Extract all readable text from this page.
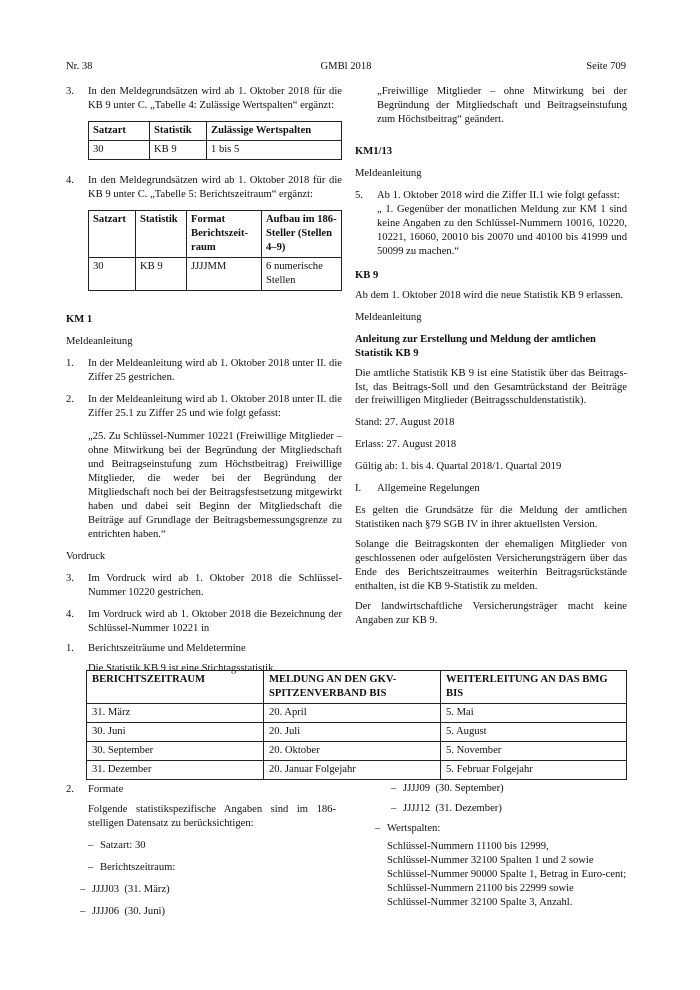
Nr. 38	GMBl 2018	Seite 709
3.	In den Meldegrundsätzen wird ab 1. Oktober 2018 für die KB 9 unter C. „Tabelle 4: Zulässige Wertspalten“ ergänzt:
Satzart	Statistik	Zulässige Wertspalten
30	KB 9	1 bis 5
4.	In den Meldegrundsätzen wird ab 1. Oktober 2018 für die KB 9 unter C. „Tabelle 5: Berichtszeitraum“ ergänzt:
Satzart	Statistik	Format Berichtszeit-raum	Aufbau im 186-Steller (Stellen 4–9)
30	KB 9	JJJJMM	6 numerische Stellen

KM 1

Meldeanleitung

1.	In der Meldeanleitung wird ab 1. Oktober 2018 unter II. die Ziffer 25 gestrichen.
2.	In der Meldeanleitung wird ab 1. Oktober 2018 unter II. die Ziffer 25.1 zu Ziffer 25 und wie folgt gefasst:

„25. Zu Schlüssel-Nummer 10221 (Freiwillige Mitglieder – ohne Mitwirkung bei der Begründung der Mitgliedschaft und Beitragseinstufung zum Höchstbeitrag) Freiwillige Mitglieder, die weder bei der Begründung der Mitgliedschaft noch bei der Beitragsfestsetzung mitgewirkt haben und dabei seit Beginn der Mitgliedschaft die Beiträge auf Grundlage der Beitragsbemessungsgrenze zu entrichten haben.“

Vordruck

3.	Im Vordruck wird ab 1. Oktober 2018 die Schlüssel-Nummer 10220 gestrichen.
4.	Im Vordruck wird ab 1. Oktober 2018 die Bezeichnung der Schlüssel-Nummer 10221 in
1.	Berichtszeiträume und Meldetermine

Die Statistik KB 9 ist eine Stichtagsstatistik.

„Freiwillige Mitglieder – ohne Mitwirkung bei der Begründung der Mitgliedschaft und Beitragseinstufung zum Höchstbeitrag“ geändert.

KM1/13

Meldeanleitung

5.	Ab 1. Oktober 2018 wird die Ziffer II.1 wie folgt gefasst:

„ 1. Gegenüber der monatlichen Meldung zur KM 1 sind keine Angaben zu den Schlüssel-Nummern 10016, 10220, 10221, 16060, 20010 bis 20070 und 40100 bis 41999 und 50099 zu machen.“

KB 9

Ab dem 1. Oktober 2018 wird die neue Statistik KB 9 erlassen.

Meldeanleitung

Anleitung zur Erstellung und Meldung der amtlichen Statistik KB 9

Die amtliche Statistik KB 9 ist eine Statistik über das Beitrags-Ist, das Beitrags-Soll und den Gesamtrückstand der Beiträge der freiwilligen Mitglieder (Beitragsschuldenstatistik).

Stand: 27. August 2018

Erlass: 27. August 2018

Gültig ab: 1. bis 4. Quartal 2018/1. Quartal 2019

I.	Allgemeine Regelungen

Es gelten die Grundsätze für die Meldung der amtlichen Statistiken nach §79 SGB IV in ihrer aktuellsten Version.

Solange die Beitragskonten der ehemaligen Mitglieder von geschlossenen oder aufgelösten Versicherungsträgern über das Ende des Berichtszeitraumes weiterhin Beitragsrückstände enthalten, ist die KB 9-Statistik zu melden.

Der landwirtschaftliche Versicherungsträger macht keine Angaben zur KB 9.

BERICHTSZEITRAUM	MELDUNG AN DEN GKV-SPITZENVERBAND BIS	WEITERLEITUNG AN DAS BMG BIS
31. März	20. April	5. Mai
30. Juni	20. Juli	5. August
30. September	20. Oktober	5. November
31. Dezember	20. Januar Folgejahr	5. Februar Folgejahr
2.	Formate

Folgende statistikspezifische Angaben sind im 186-stelligen Datensatz zu berücksichtigen:

– Satzart: 30
– Berichtszeitraum:
– JJJJ03  (31. März)
– JJJJ06  (30. Juni)
– JJJJ09  (30. September)
– JJJJ12  (31. Dezember)
– Wertspalten:

Schlüssel-Nummern 11100 bis 12999,

Schlüssel-Nummer 32100 Spalten 1 und 2 sowie

Schlüssel-Nummer 90000 Spalte 1, Betrag in Euro-cent;

Schlüssel-Nummern 21100 bis 22999 sowie

Schlüssel-Nummer 32100 Spalte 3, Anzahl.
